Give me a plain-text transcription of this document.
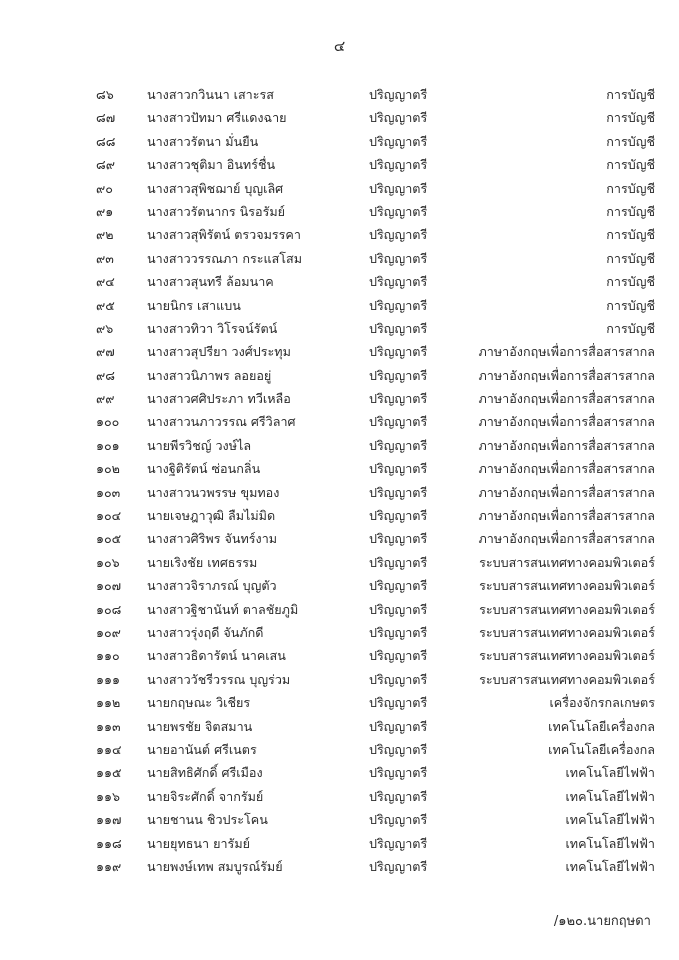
๔
๘๖	นางสาวกวินนา เสาะรส	ปริญญาตรี	การบัญชี
๘๗	นางสาวปัทมา ศรีแดงฉาย	ปริญญาตรี	การบัญชี
๘๘	นางสาวรัตนา มั่นยืน	ปริญญาตรี	การบัญชี
๘๙	นางสาวชุติมา อินทร์ชื่น	ปริญญาตรี	การบัญชี
๙๐	นางสาวสุพิชฌาย์ บุญเลิศ	ปริญญาตรี	การบัญชี
๙๑	นางสาวรัตนากร นิรอรัมย์	ปริญญาตรี	การบัญชี
๙๒	นางสาวสุพิรัตน์ ตรวจมรรคา	ปริญญาตรี	การบัญชี
๙๓	นางสาววรรณภา กระแสโสม	ปริญญาตรี	การบัญชี
๙๔	นางสาวสุนทรี ล้อมนาค	ปริญญาตรี	การบัญชี
๙๕	นายนิกร เสาแบน	ปริญญาตรี	การบัญชี
๙๖	นางสาวทิวา วิโรจน์รัตน์	ปริญญาตรี	การบัญชี
๙๗	นางสาวสุปรียา วงศ์ประทุม	ปริญญาตรี	ภาษาอังกฤษเพื่อการสื่อสารสากล
๙๘	นางสาวนิภาพร ลอยอยู่	ปริญญาตรี	ภาษาอังกฤษเพื่อการสื่อสารสากล
๙๙	นางสาวศศิประภา ทวีเหลือ	ปริญญาตรี	ภาษาอังกฤษเพื่อการสื่อสารสากล
๑๐๐	นางสาวนภาวรรณ ศรีวิลาศ	ปริญญาตรี	ภาษาอังกฤษเพื่อการสื่อสารสากล
๑๐๑	นายพีรวิชญ์ วงษ์ไล	ปริญญาตรี	ภาษาอังกฤษเพื่อการสื่อสารสากล
๑๐๒	นางฐิติรัตน์ ซ่อนกลิ่น	ปริญญาตรี	ภาษาอังกฤษเพื่อการสื่อสารสากล
๑๐๓	นางสาวนวพรรษ ขุมทอง	ปริญญาตรี	ภาษาอังกฤษเพื่อการสื่อสารสากล
๑๐๔	นายเจษฎาวุฒิ ลืมไม่มิด	ปริญญาตรี	ภาษาอังกฤษเพื่อการสื่อสารสากล
๑๐๕	นางสาวศิริพร จันทร์งาม	ปริญญาตรี	ภาษาอังกฤษเพื่อการสื่อสารสากล
๑๐๖	นายเริงชัย เทศธรรม	ปริญญาตรี	ระบบสารสนเทศทางคอมพิวเตอร์
๑๐๗	นางสาวจิราภรณ์ บุญตัว	ปริญญาตรี	ระบบสารสนเทศทางคอมพิวเตอร์
๑๐๘	นางสาวฐิชานันท์ ตาลชัยภูมิ	ปริญญาตรี	ระบบสารสนเทศทางคอมพิวเตอร์
๑๐๙	นางสาวรุ่งฤดี จันภักดี	ปริญญาตรี	ระบบสารสนเทศทางคอมพิวเตอร์
๑๑๐	นางสาวธิดารัตน์ นาคเสน	ปริญญาตรี	ระบบสารสนเทศทางคอมพิวเตอร์
๑๑๑	นางสาววัชรีวรรณ บุญร่วม	ปริญญาตรี	ระบบสารสนเทศทางคอมพิวเตอร์
๑๑๒	นายกฤษณะ วิเชียร	ปริญญาตรี	เครื่องจักรกลเกษตร
๑๑๓	นายพรชัย จิตสมาน	ปริญญาตรี	เทคโนโลยีเครื่องกล
๑๑๔	นายอานันต์ ศรีเนตร	ปริญญาตรี	เทคโนโลยีเครื่องกล
๑๑๕	นายสิทธิศักดิ์ ศรีเมือง	ปริญญาตรี	เทคโนโลยีไฟฟ้า
๑๑๖	นายจิระศักดิ์ จากรัมย์	ปริญญาตรี	เทคโนโลยีไฟฟ้า
๑๑๗	นายชานน ชิวประโคน	ปริญญาตรี	เทคโนโลยีไฟฟ้า
๑๑๘	นายยุทธนา ยารัมย์	ปริญญาตรี	เทคโนโลยีไฟฟ้า
๑๑๙	นายพงษ์เทพ สมบูรณ์รัมย์	ปริญญาตรี	เทคโนโลยีไฟฟ้า
/๑๒๐.นายกฤษดา
